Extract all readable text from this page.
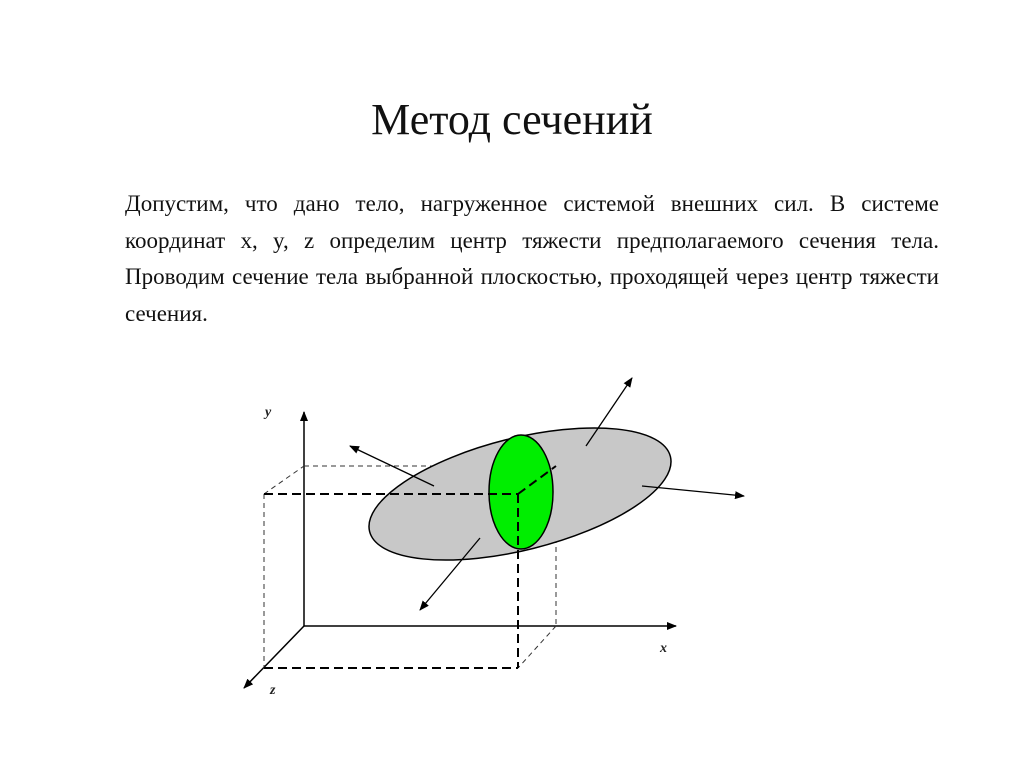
Метод сечений

Допустим, что дано тело, нагруженное системой внешних сил. В системе координат x, y, z определим центр тяжести предполагаемого сечения тела. Проводим сечение тела выбранной плоскостью, проходящей через центр тяжести сечения.

y
x
z
